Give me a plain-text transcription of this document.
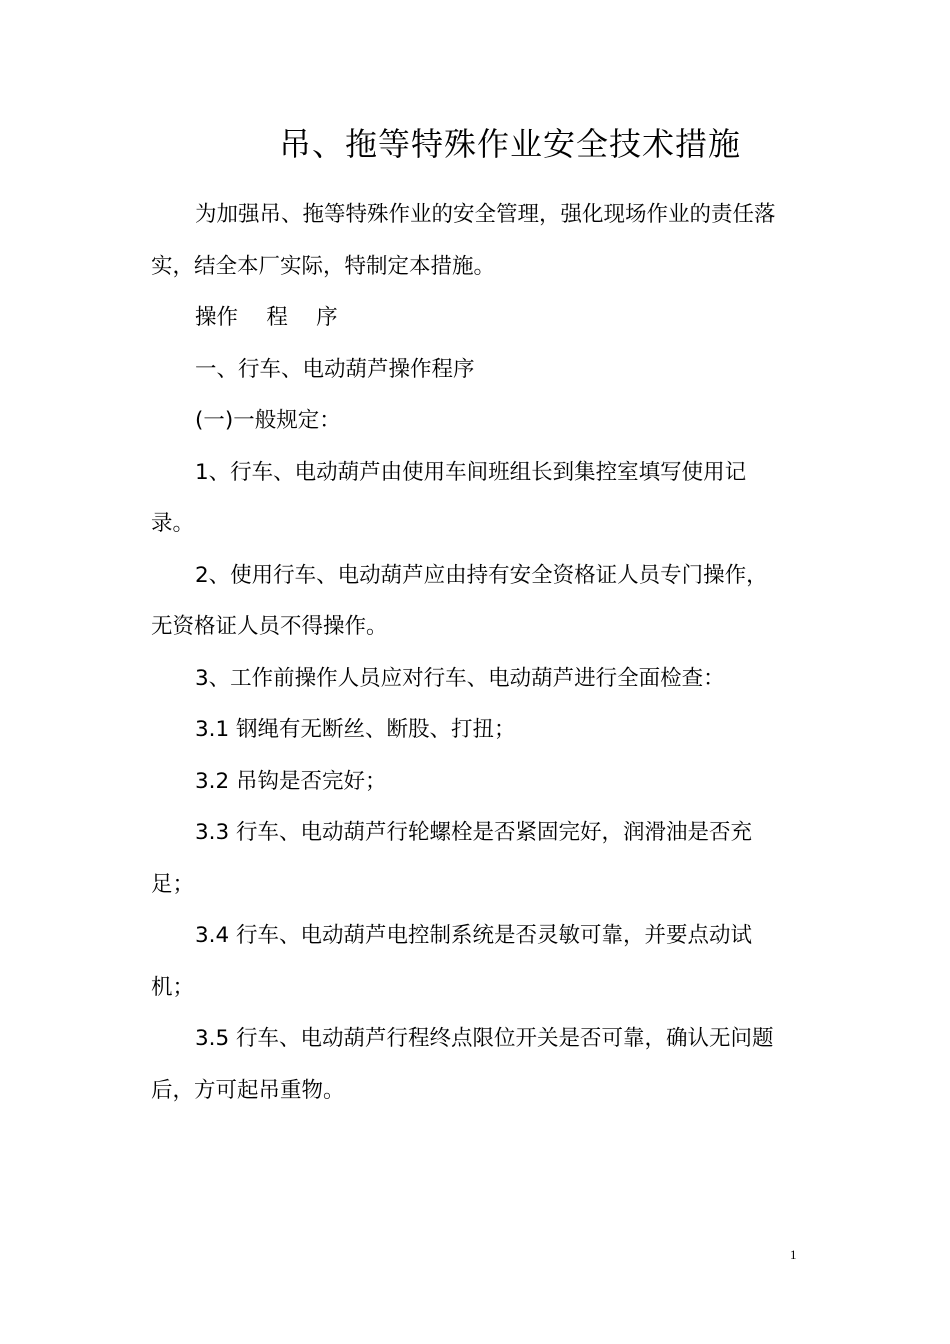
吊、拖等特殊作业安全技术措施

为加强吊、拖等特殊作业的安全管理，强化现场作业的责任落

实，结全本厂实际，特制定本措施。

操作　 程　 序

一、行车、电动葫芦操作程序

(一)一般规定：

1、行车、电动葫芦由使用车间班组长到集控室填写使用记

录。

2、使用行车、电动葫芦应由持有安全资格证人员专门操作，

无资格证人员不得操作。

3、工作前操作人员应对行车、电动葫芦进行全面检查：

3.1 钢绳有无断丝、断股、打扭；

3.2 吊钩是否完好；

3.3 行车、电动葫芦行轮螺栓是否紧固完好，润滑油是否充

足；

3.4 行车、电动葫芦电控制系统是否灵敏可靠，并要点动试

机；

3.5 行车、电动葫芦行程终点限位开关是否可靠，确认无问题

后，方可起吊重物。

1
